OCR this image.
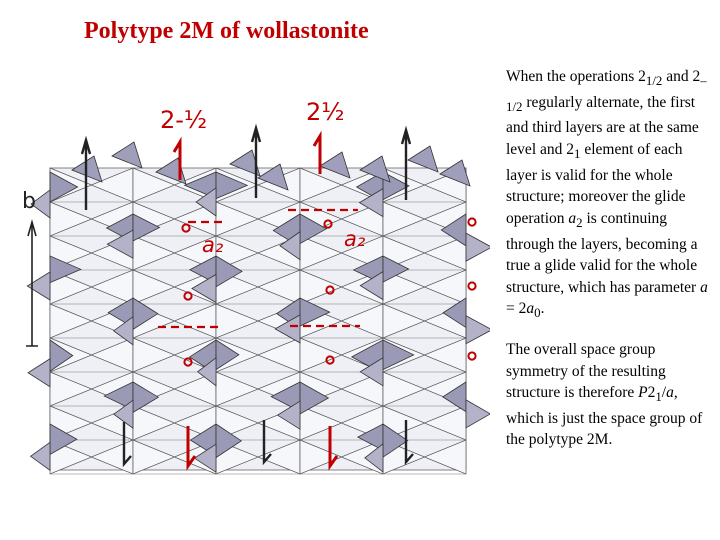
Polytype 2M of wollastonite
b
2-½	2½
a₂	a₂

When the operations $2_{1/2}$ and $2_{-1/2}$ regularly alternate, the first and third layers are at the same level and $2_1$ element of each layer is valid for the whole structure; moreover the glide operation $a_2$ is continuing through the layers, becoming a true a glide valid for the whole structure, which has parameter $a = 2a_0$.

The overall space group symmetry of the resulting structure is therefore $P2_1/a$, which is just the space group of the polytype 2M.
